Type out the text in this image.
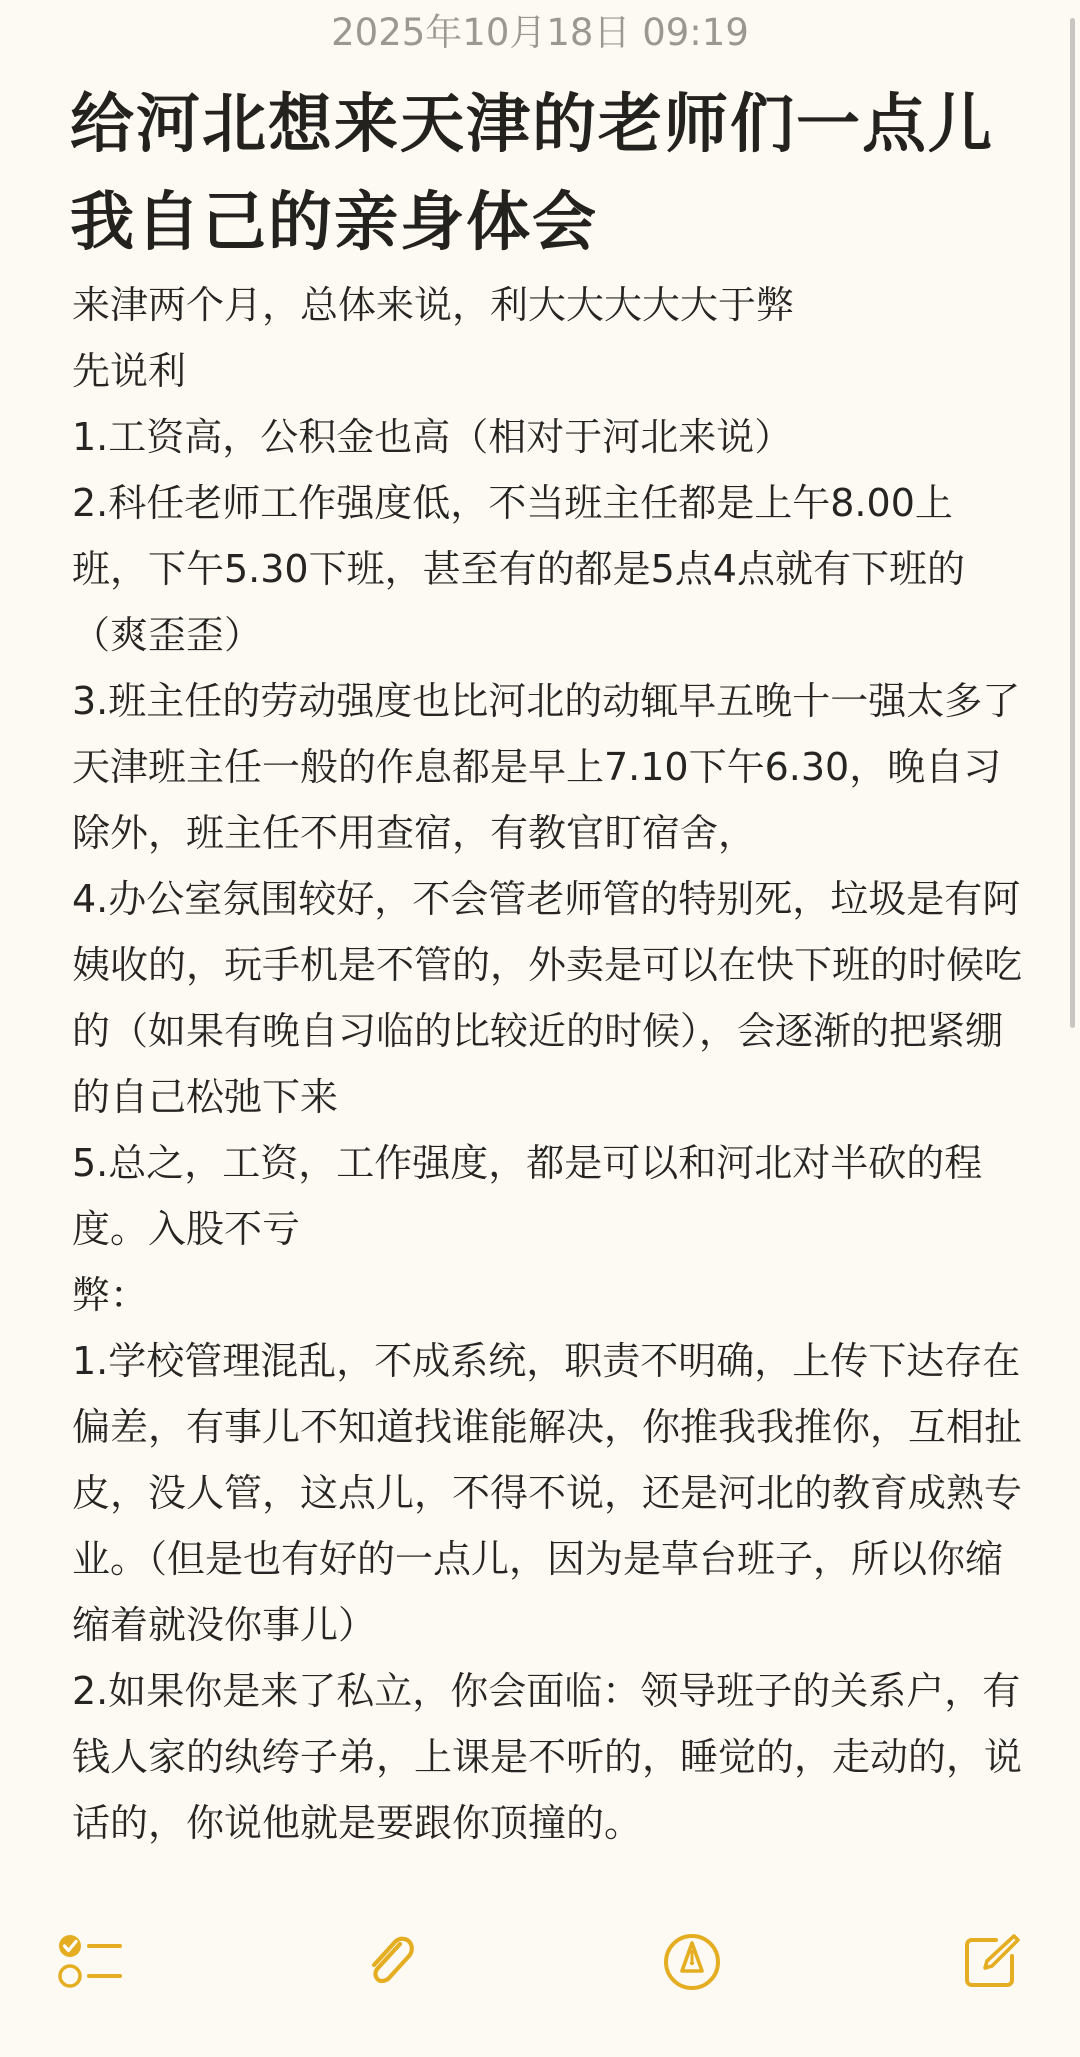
2025年10月18日 09:19
给河北想来天津的老师们一点儿我自己的亲身体会

来津两个月，总体来说，利大大大大大于弊

先说利

1.工资高，公积金也高（相对于河北来说）

2.科任老师工作强度低，不当班主任都是上午8.00上班，下午5.30下班，甚至有的都是5点4点就有下班的（爽歪歪）

3.班主任的劳动强度也比河北的动辄早五晚十一强太多了 天津班主任一般的作息都是早上7.10下午6.30，晚自习除外，班主任不用查宿，有教官盯宿舍，

4.办公室氛围较好，不会管老师管的特别死，垃圾是有阿姨收的，玩手机是不管的，外卖是可以在快下班的时候吃的（如果有晚自习临的比较近的时候），会逐渐的把紧绷的自己松弛下来

5.总之，工资，工作强度，都是可以和河北对半砍的程度。入股不亏

弊：

1.学校管理混乱，不成系统，职责不明确，上传下达存在偏差，有事儿不知道找谁能解决，你推我我推你，互相扯皮，没人管，这点儿，不得不说，还是河北的教育成熟专业。（但是也有好的一点儿，因为是草台班子，所以你缩缩着就没你事儿）

2.如果你是来了私立，你会面临：领导班子的关系户，有钱人家的纨绔子弟，上课是不听的，睡觉的，走动的，说话的，你说他就是要跟你顶撞的。
